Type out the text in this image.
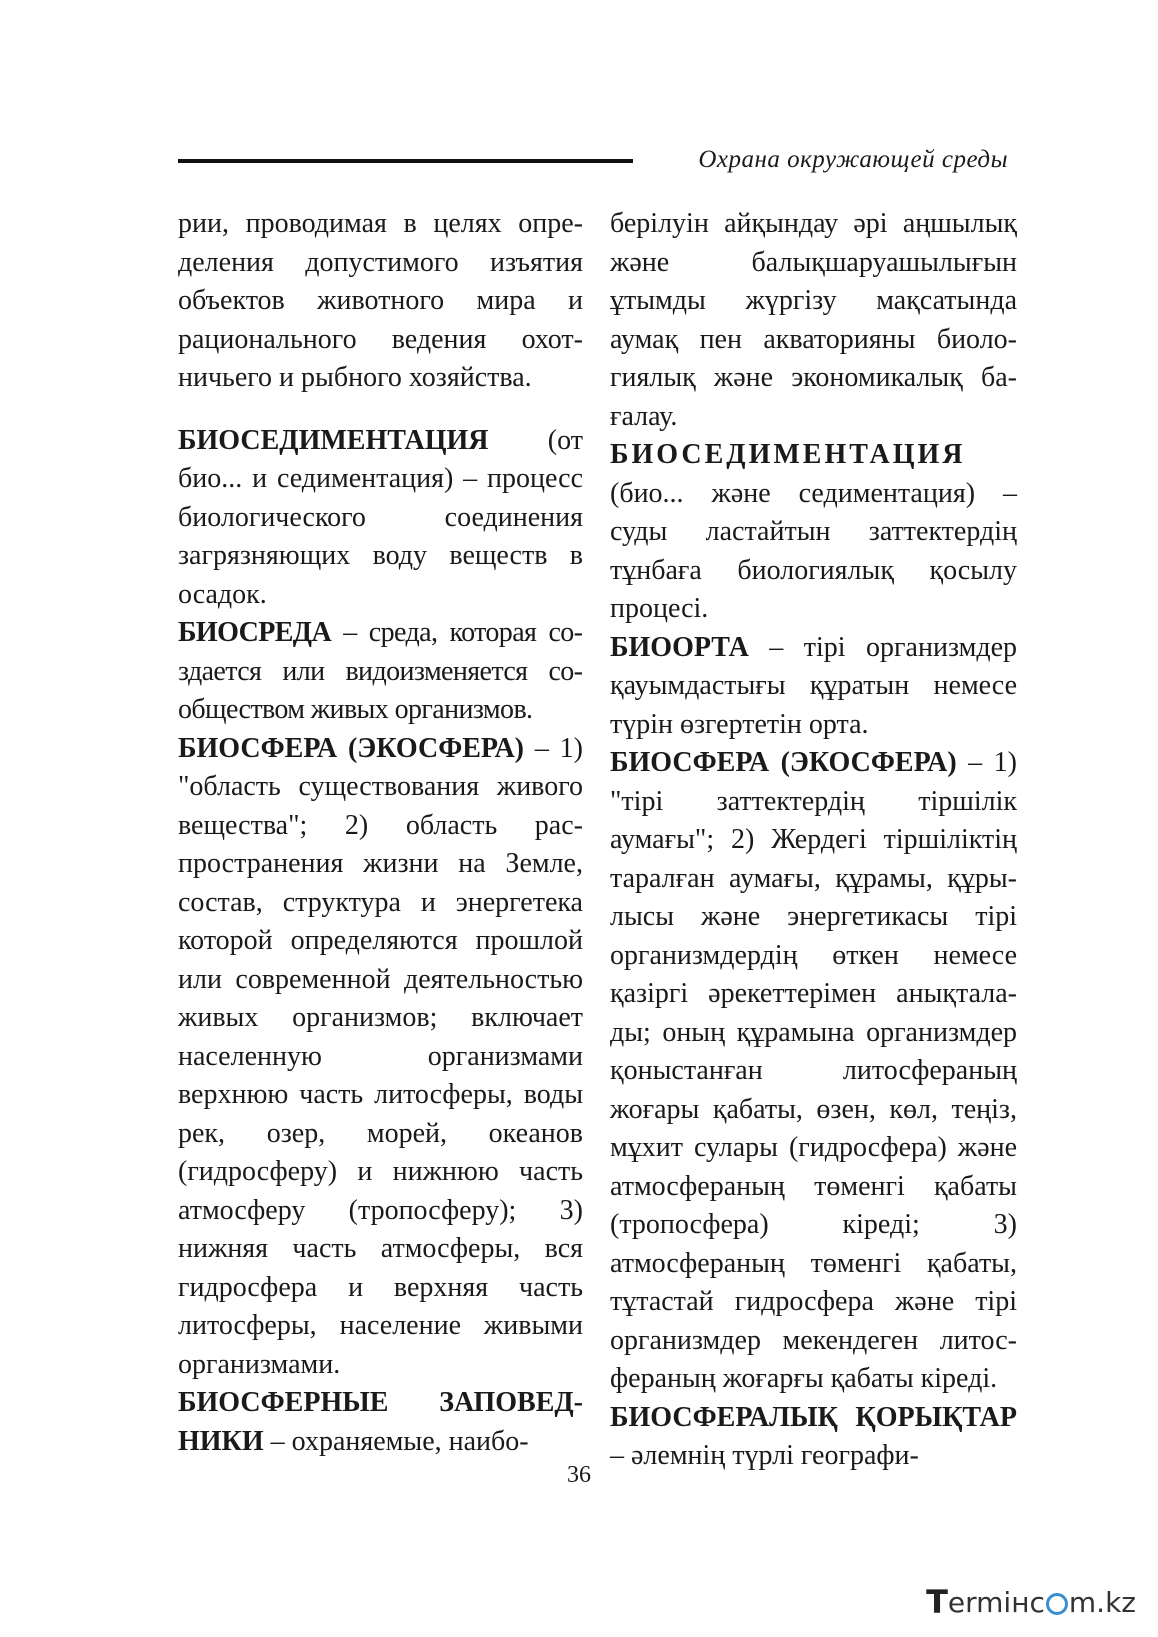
Охрана окружающей среды

рии, проводимая в целях определения допустимого изъятия объектов животного мира и рационального ведения охотничьего и рыбного хозяйства.

БИОСЕДИМЕНТАЦИЯ (от био... и седиментация) – процесс биологического соединения загрязняющих воду веществ в осадок.

БИОСРЕДА – среда, которая создается или видоизменяется сообществом живых организмов.

БИОСФЕРА (ЭКОСФЕРА) – 1) "область существования живого вещества"; 2) область распространения жизни на Земле, состав, структура и энергетека которой определяются прошлой или современной деятельностью живых организмов; включает населенную организмами верхнюю часть литосферы, воды рек, озер, морей, океанов (гидросферу) и нижнюю часть атмосферу (тропосферу); 3) нижняя часть атмосферы, вся гидросфера и верхняя часть литосферы, население живыми организмами.

БИОСФЕРНЫЕ ЗАПОВЕДНИКИ – охраняемые, наибо-

берілуін айқындау әрі аңшылық және балықшаруашылығын ұтымды жүргізу мақсатында аумақ пен акваторияны биологиялық және экономикалық бағалау.

БИОСЕДИМЕНТАЦИЯ (био... және седиментация) – суды ластайтын заттектердің тұнбаға биологиялық қосылу процесі.

БИООРТА – тірі организмдер қауымдастығы құратын немесе түрін өзгертетін орта.

БИОСФЕРА (ЭКОСФЕРА) – 1) "тірі заттектердің тіршілік аумағы"; 2) Жердегі тіршіліктің таралған аумағы, құрамы, құрылысы және энергетикасы тірі организмдердің өткен немесе қазіргі әрекеттерімен анықталады; оның құрамына организмдер қоныстанған литосфераның жоғары қабаты, өзен, көл, теңіз, мұхит сулары (гидросфера) және атмосфераның төменгі қабаты (тропосфера) кіреді; 3) атмосфераның төменгі қабаты, тұтастай гидросфера және тірі организмдер мекендеген литосфераның жоғарғы қабаты кіреді.

БИОСФЕРАЛЫҚ ҚОРЫҚТАР – әлемнің түрлі географи-

36
T ermінc m.kz
